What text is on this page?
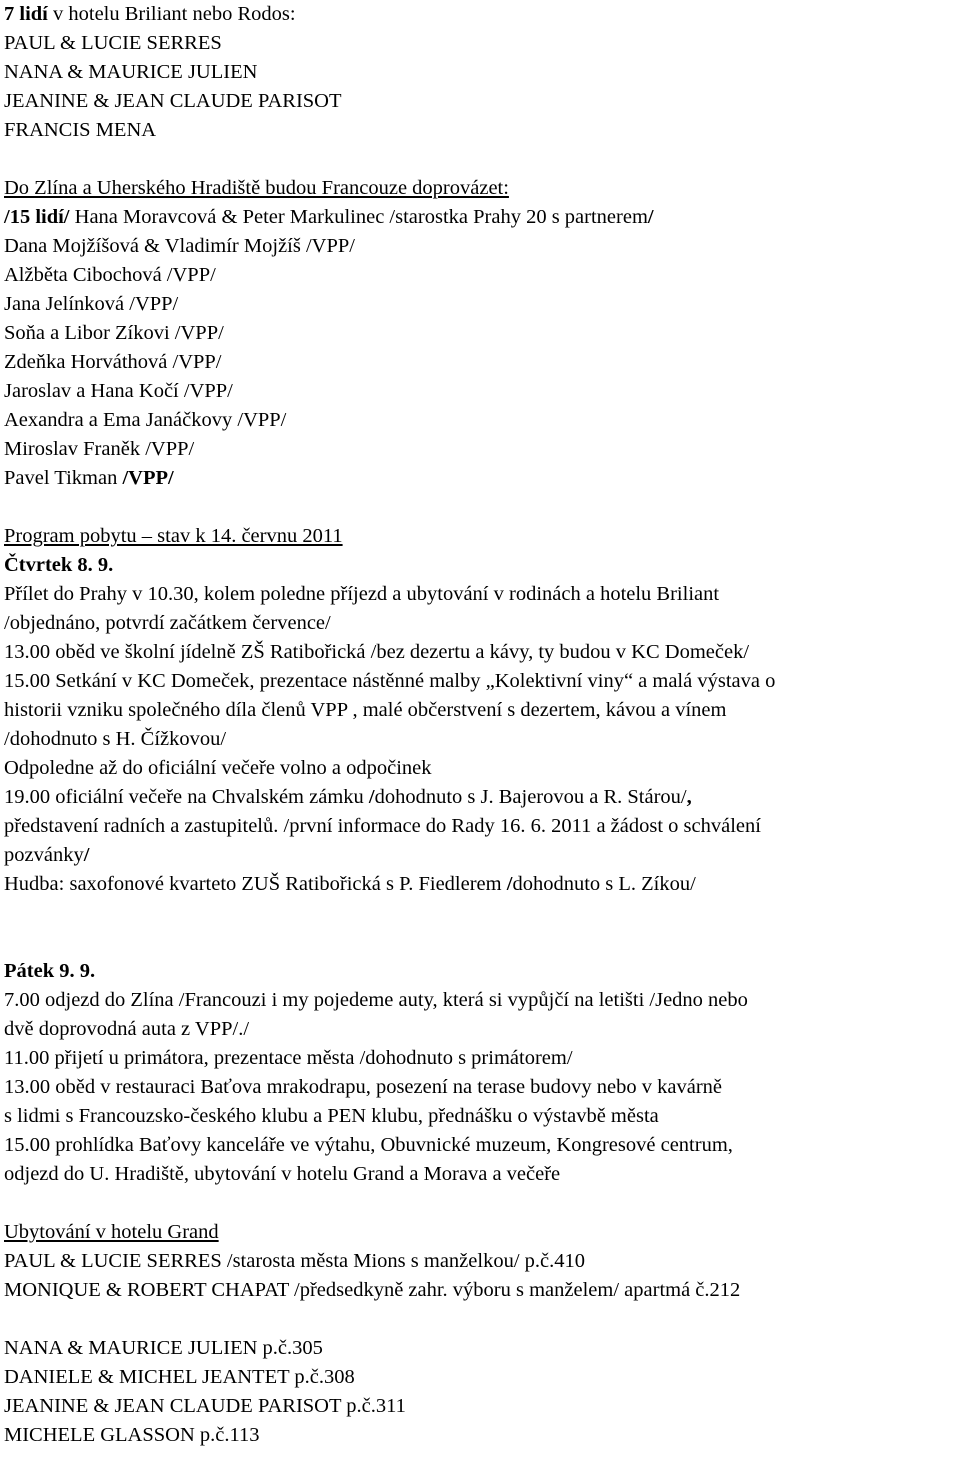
7 lidí v hotelu Briliant nebo Rodos:
PAUL & LUCIE SERRES
NANA & MAURICE JULIEN
JEANINE & JEAN CLAUDE PARISOT
FRANCIS MENA
Do Zlína a Uherského Hradiště budou Francouze doprovázet:
/15 lidí/ Hana Moravcová & Peter Markulinec /starostka Prahy 20 s partnerem/
Dana Mojžíšová & Vladimír Mojžíš /VPP/
Alžběta Cibochová /VPP/
Jana Jelínková /VPP/
Soňa a Libor Zíkovi /VPP/
Zdeňka Horváthová /VPP/
Jaroslav a Hana Kočí /VPP/
Aexandra a Ema Janáčkovy /VPP/
Miroslav Franěk /VPP/
Pavel Tikman /VPP/
Program pobytu – stav k 14. červnu 2011
Čtvrtek 8. 9.
Přílet do Prahy v 10.30, kolem poledne příjezd a ubytování v rodinách a hotelu Briliant
/objednáno, potvrdí začátkem července/
13.00 oběd ve školní jídelně ZŠ Ratibořická /bez dezertu a kávy, ty budou v KC Domeček/
15.00 Setkání v KC Domeček, prezentace nástěnné malby „Kolektivní viny“ a malá výstava o
historii vzniku společného díla členů VPP , malé občerstvení s dezertem, kávou a vínem
/dohodnuto s H. Čížkovou/
Odpoledne až do oficiální večeře volno a odpočinek
19.00 oficiální večeře na Chvalském zámku /dohodnuto s J. Bajerovou a R. Stárou/,
představení radních a zastupitelů. /první informace do Rady 16. 6. 2011 a žádost o schválení
pozvánky/
Hudba: saxofonové kvarteto ZUŠ Ratibořická s P. Fiedlerem /dohodnuto s L. Zíkou/
Pátek 9. 9.
7.00 odjezd do Zlína /Francouzi i my pojedeme auty, která si vypůjčí na letišti /Jedno nebo
dvě doprovodná auta z VPP/./
11.00 přijetí u primátora, prezentace města /dohodnuto s primátorem/
13.00 oběd v restauraci Baťova mrakodrapu, posezení na terase budovy nebo v kavárně
s lidmi s Francouzsko-českého klubu a PEN klubu, přednášku o výstavbě města
15.00 prohlídka Baťovy kanceláře ve výtahu, Obuvnické muzeum, Kongresové centrum,
odjezd do U. Hradiště, ubytování v hotelu Grand a Morava a večeře
Ubytování v hotelu Grand
PAUL & LUCIE SERRES /starosta města Mions s manželkou/ p.č.410
MONIQUE & ROBERT CHAPAT /předsedkyně zahr. výboru s manželem/ apartmá č.212
NANA & MAURICE JULIEN p.č.305
DANIELE & MICHEL JEANTET p.č.308
JEANINE & JEAN CLAUDE PARISOT p.č.311
MICHELE GLASSON p.č.113
